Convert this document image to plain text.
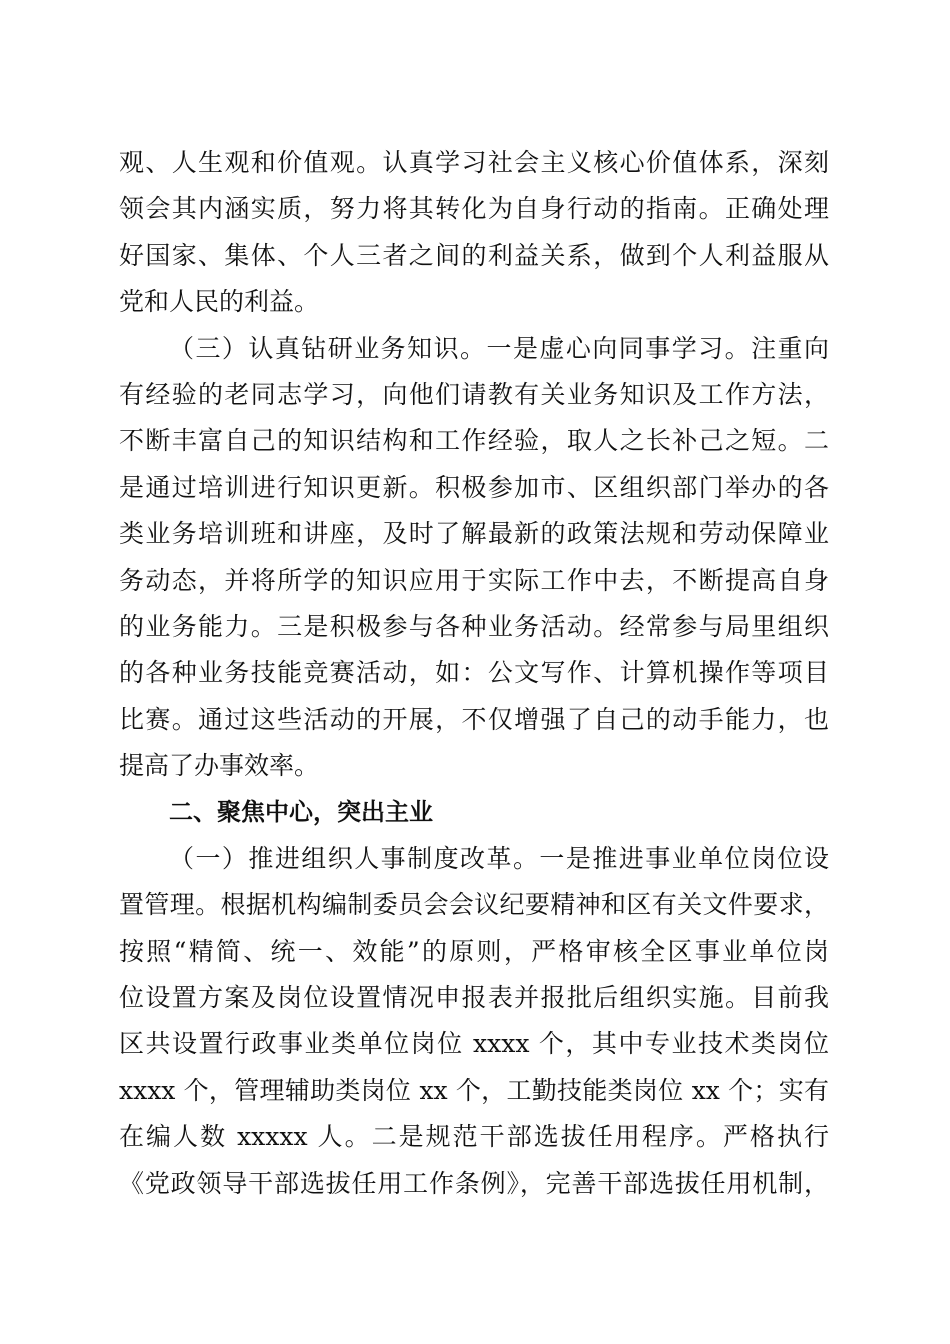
观、人生观和价值观。认真学习社会主义核心价值体系，深刻
领会其内涵实质，努力将其转化为自身行动的指南。正确处理
好国家、集体、个人三者之间的利益关系，做到个人利益服从
党和人民的利益。
（三）认真钻研业务知识。一是虚心向同事学习。注重向
有经验的老同志学习，向他们请教有关业务知识及工作方法，
不断丰富自己的知识结构和工作经验，取人之长补己之短。二
是通过培训进行知识更新。积极参加市、区组织部门举办的各
类业务培训班和讲座，及时了解最新的政策法规和劳动保障业
务动态，并将所学的知识应用于实际工作中去，不断提高自身
的业务能力。三是积极参与各种业务活动。经常参与局里组织
的各种业务技能竞赛活动，如：公文写作、计算机操作等项目
比赛。通过这些活动的开展，不仅增强了自己的动手能力，也
提高了办事效率。
二、聚焦中心，突出主业
（一）推进组织人事制度改革。一是推进事业单位岗位设
置管理。根据机构编制委员会会议纪要精神和区有关文件要求，
按照“精简、统一、效能”的原则，严格审核全区事业单位岗
位设置方案及岗位设置情况申报表并报批后组织实施。目前我
区共设置行政事业类单位岗位 xxxx 个，其中专业技术类岗位
xxxx 个，管理辅助类岗位 xx 个，工勤技能类岗位 xx 个；实有
在编人数 xxxxx 人。二是规范干部选拔任用程序。严格执行
《党政领导干部选拔任用工作条例》，完善干部选拔任用机制，
